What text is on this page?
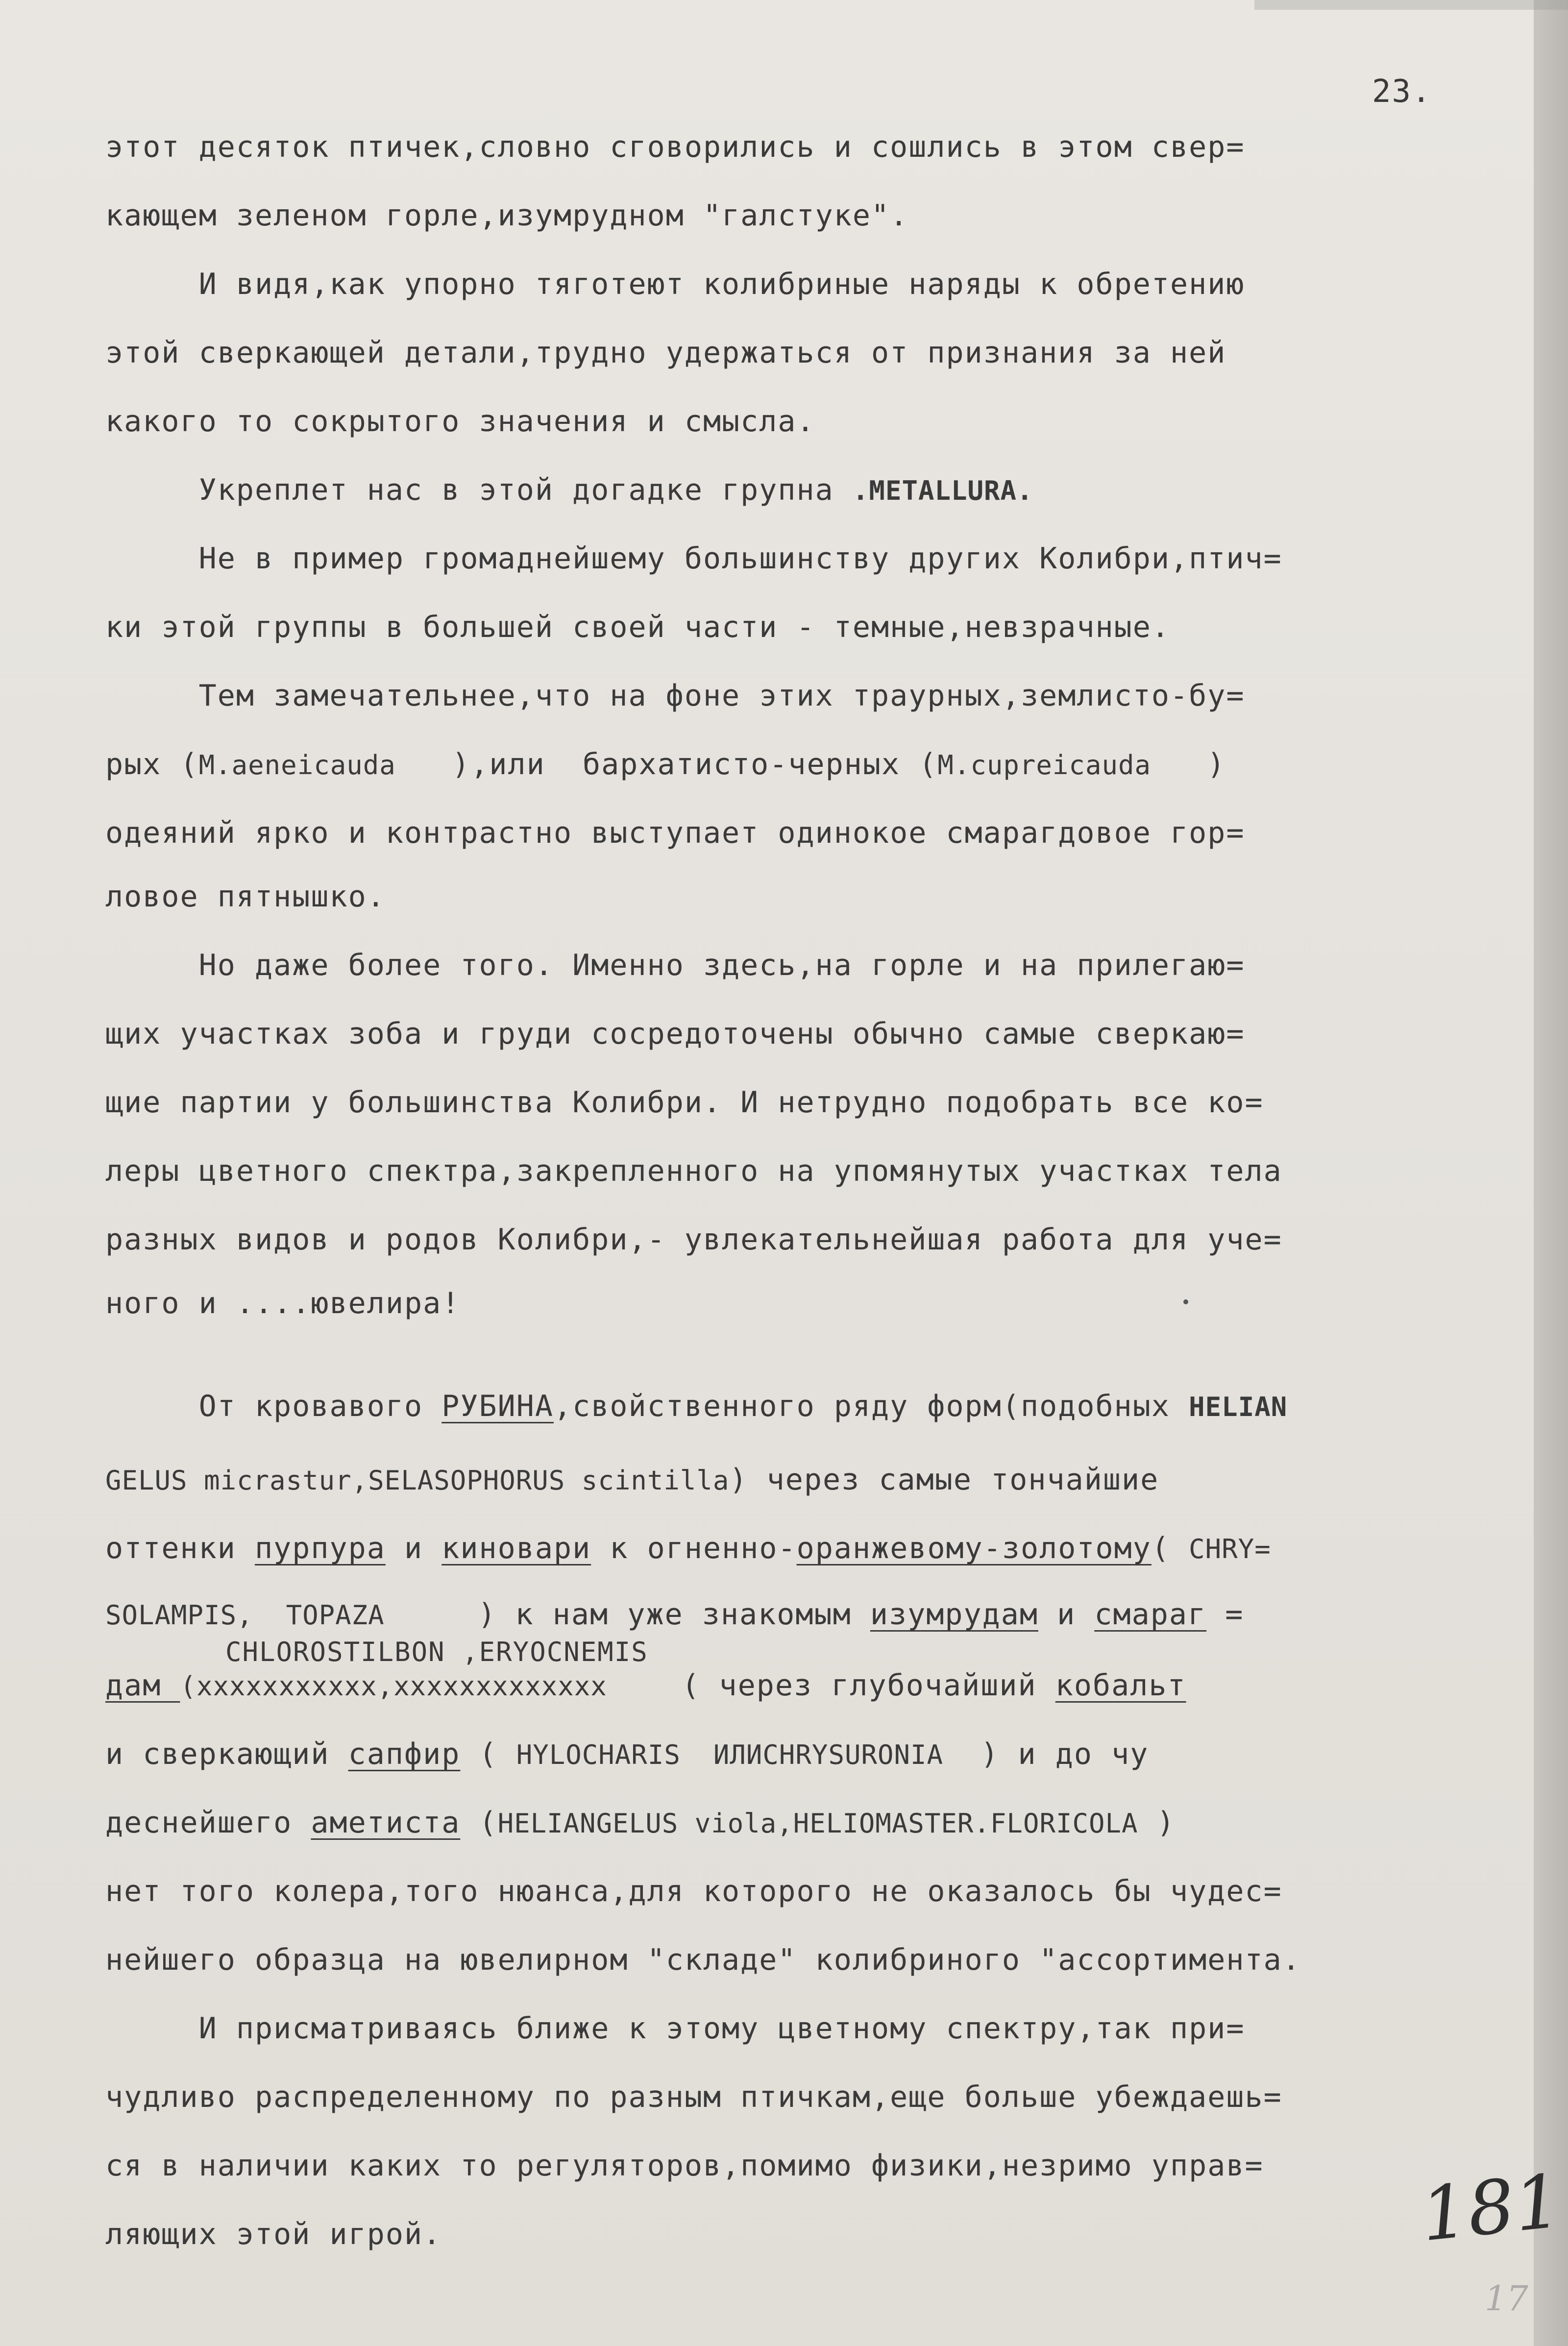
23.
этот десяток птичек,словно сговорились и сошлись в этом свер=
кающем зеленом горле,изумрудном "галстуке".
И видя,как упорно тяготеют колибриные наряды к обретению
этой сверкающей детали,трудно удержаться от признания за ней
какого то сокрытого значения и смысла.
Укреплет нас в этой догадке групна .METALLURA.
Не в пример громаднейшему большинству других Колибри,птич=
ки этой группы в большей своей части - темные,невзрачные.
Тем замечательнее,что на фоне этих траурных,землисто-бу=
рых (M.aeneicauda   ),или  бархатисто-черных (M.cupreicauda   )
одеяний ярко и контрастно выступает одинокое смарагдовое гор=
ловое пятнышко.
Но даже более того. Именно здесь,на горле и на прилегаю=
щих участках зоба и груди сосредоточены обычно самые сверкаю=
щие партии у большинства Колибри. И нетрудно подобрать все ко=
леры цветного спектра,закрепленного на упомянутых участках тела
разных видов и родов Колибри,- увлекательнейшая работа для уче=
ного и ....ювелира!
От кровавого РУБИНА,свойственного ряду форм(подобных HELIAN
GELUS micrastur,SELASOPHORUS scintilla) через самые тончайшие
оттенки пурпура и киновари к огненно-оранжевому-золотому( CHRY=
SOLAMPIS,  TOPAZA     ) к нам уже знакомым изумрудам и смараг =
CHLOROSTILBON ,ERYOCNEMIS
дам (xxxxxxxxxxx,xxxxxxxxxxxxx    ( через глубочайший кобальт
и сверкающий сапфир ( HYLOCHARIS  ИЛИCHRYSURONIA  ) и до чу
деснейшего аметиста (HELIANGELUS viola,HELIOMASTER.FLORICOLA )
нет того колера,того нюанса,для которого не оказалось бы чудес=
нейшего образца на ювелирном "складе" колибриного "ассортимента.
И присматриваясь ближе к этому цветному спектру,так при=
чудливо распределенному по разным птичкам,еще больше убеждаешь=
ся в наличии каких то регуляторов,помимо физики,незримо управ=
ляющих этой игрой.	181
17
